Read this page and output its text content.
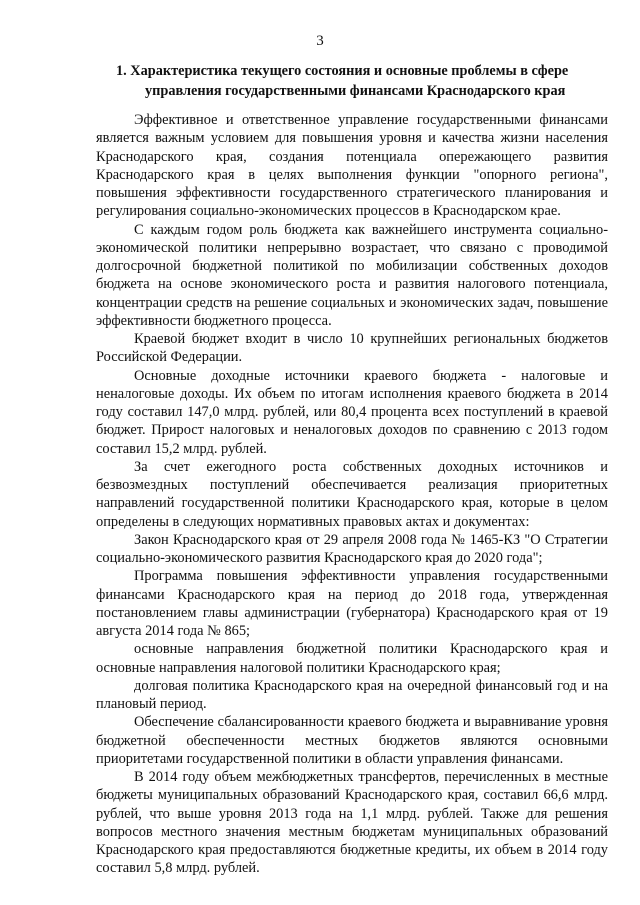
3
1. Характеристика текущего состояния и основные проблемы в сфере
управления государственными финансами Краснодарского края

Эффективное и ответственное управление государственными финансами является важным условием для повышения уровня и качества жизни населения Краснодарского края, создания потенциала опережающего развития Краснодарского края в целях выполнения функции "опорного региона", повышения эффективности государственного стратегического планирования и регулирования социально-экономических процессов в Краснодарском крае.

С каждым годом роль бюджета как важнейшего инструмента социально-экономической политики непрерывно возрастает, что связано с проводимой долгосрочной бюджетной политикой по мобилизации собственных доходов бюджета на основе экономического роста и развития налогового потенциала, концентрации средств на решение социальных и экономических задач, повышение эффективности бюджетного процесса.

Краевой бюджет входит в число 10 крупнейших региональных бюджетов Российской Федерации.

Основные доходные источники краевого бюджета - налоговые и неналоговые доходы. Их объем по итогам исполнения краевого бюджета в 2014 году составил 147,0 млрд. рублей, или 80,4 процента всех поступлений в краевой бюджет. Прирост налоговых и неналоговых доходов по сравнению с 2013 годом составил 15,2 млрд. рублей.

За счет ежегодного роста собственных доходных источников и безвозмездных поступлений обеспечивается реализация приоритетных направлений государственной политики Краснодарского края, которые в целом определены в следующих нормативных правовых актах и документах:

Закон Краснодарского края от 29 апреля 2008 года № 1465-КЗ "О Стратегии социально-экономического развития Краснодарского края до 2020 года";

Программа повышения эффективности управления государственными финансами Краснодарского края на период до 2018 года, утвержденная постановлением главы администрации (губернатора) Краснодарского края от 19 августа 2014 года № 865;

основные направления бюджетной политики Краснодарского края и основные направления налоговой политики Краснодарского края;

долговая политика Краснодарского края на очередной финансовый год и на плановый период.

Обеспечение сбалансированности краевого бюджета и выравнивание уровня бюджетной обеспеченности местных бюджетов являются основными приоритетами государственной политики в области управления финансами.

В 2014 году объем межбюджетных трансфертов, перечисленных в местные бюджеты муниципальных образований Краснодарского края, составил 66,6 млрд. рублей, что выше уровня 2013 года на 1,1 млрд. рублей. Также для решения вопросов местного значения местным бюджетам муниципальных образований Краснодарского края предоставляются бюджетные кредиты, их объем в 2014 году составил 5,8 млрд. рублей.
